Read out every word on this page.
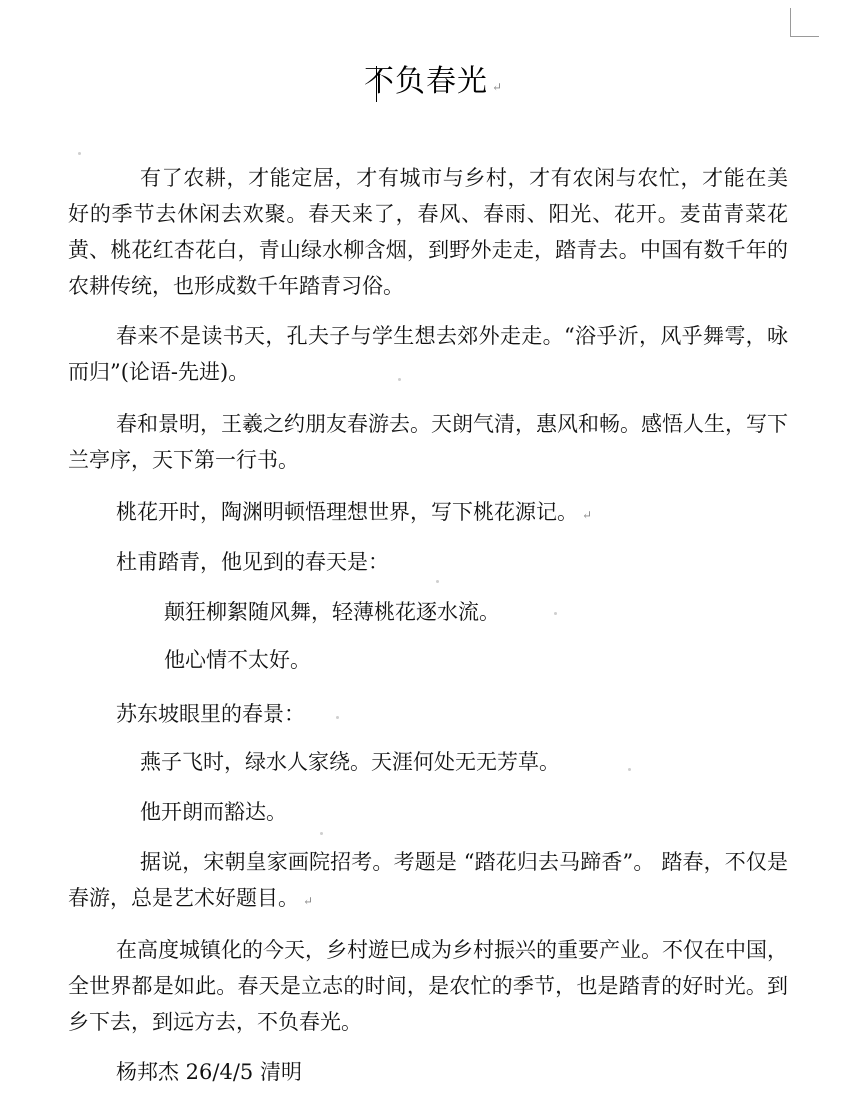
不负春光 ↵

有了农耕，才能定居，才有城市与乡村，才有农闲与农忙，才能在美好的季节去休闲去欢聚。春天来了，春风、春雨、阳光、花开。麦苗青菜花黄、桃花红杏花白，青山绿水柳含烟，到野外走走，踏青去。中国有数千年的农耕传统，也形成数千年踏青习俗。

春来不是读书天，孔夫子与学生想去郊外走走。“浴乎沂，风乎舞雩，咏而归”(论语-先进)。

春和景明，王羲之约朋友春游去。天朗气清，惠风和畅。感悟人生，写下兰亭序，天下第一行书。

桃花开时，陶渊明顿悟理想世界，写下桃花源记。 ↵

杜甫踏青，他见到的春天是：

颠狂柳絮随风舞，轻薄桃花逐水流。

他心情不太好。

苏东坡眼里的春景：

燕子飞时，绿水人家绕。天涯何处无无芳草。

他开朗而豁达。

据说，宋朝皇家画院招考。考题是 “踏花归去马蹄香”。 踏春，不仅是春游，总是艺术好题目。 ↵

在高度城镇化的今天，乡村遊巳成为乡村振兴的重要产业。不仅在中国，全世界都是如此。春天是立志的时间，是农忙的季节，也是踏青的好时光。到乡下去，到远方去，不负春光。

杨邦杰 26/4/5 清明
